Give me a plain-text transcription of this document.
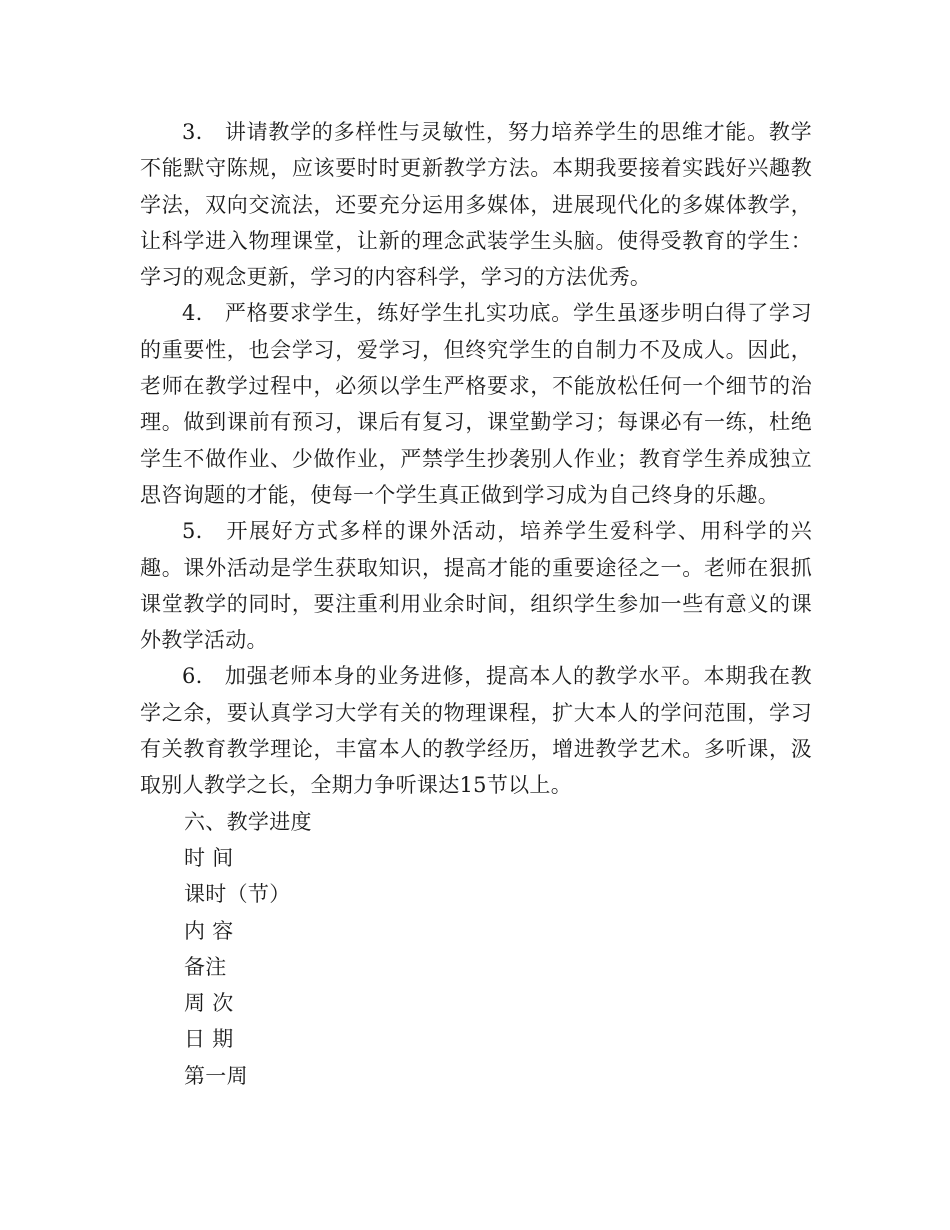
3.　讲请教学的多样性与灵敏性，努力培养学生的思维才能。教学不能默守陈规，应该要时时更新教学方法。本期我要接着实践好兴趣教学法，双向交流法，还要充分运用多媒体，进展现代化的多媒体教学，让科学进入物理课堂，让新的理念武装学生头脑。使得受教育的学生：学习的观念更新，学习的内容科学，学习的方法优秀。

4.　严格要求学生，练好学生扎实功底。学生虽逐步明白得了学习的重要性，也会学习，爱学习，但终究学生的自制力不及成人。因此，老师在教学过程中，必须以学生严格要求，不能放松任何一个细节的治理。做到课前有预习，课后有复习，课堂勤学习；每课必有一练，杜绝学生不做作业、少做作业，严禁学生抄袭别人作业；教育学生养成独立思咨询题的才能，使每一个学生真正做到学习成为自己终身的乐趣。

5.　开展好方式多样的课外活动，培养学生爱科学、用科学的兴趣。课外活动是学生获取知识，提高才能的重要途径之一。老师在狠抓课堂教学的同时，要注重利用业余时间，组织学生参加一些有意义的课外教学活动。

6.　加强老师本身的业务进修，提高本人的教学水平。本期我在教学之余，要认真学习大学有关的物理课程，扩大本人的学问范围，学习有关教育教学理论，丰富本人的教学经历，增进教学艺术。多听课，汲取别人教学之长，全期力争听课达15节以上。

六、教学进度

时 间

课时（节）

内 容

备注

周 次

日 期

第一周
